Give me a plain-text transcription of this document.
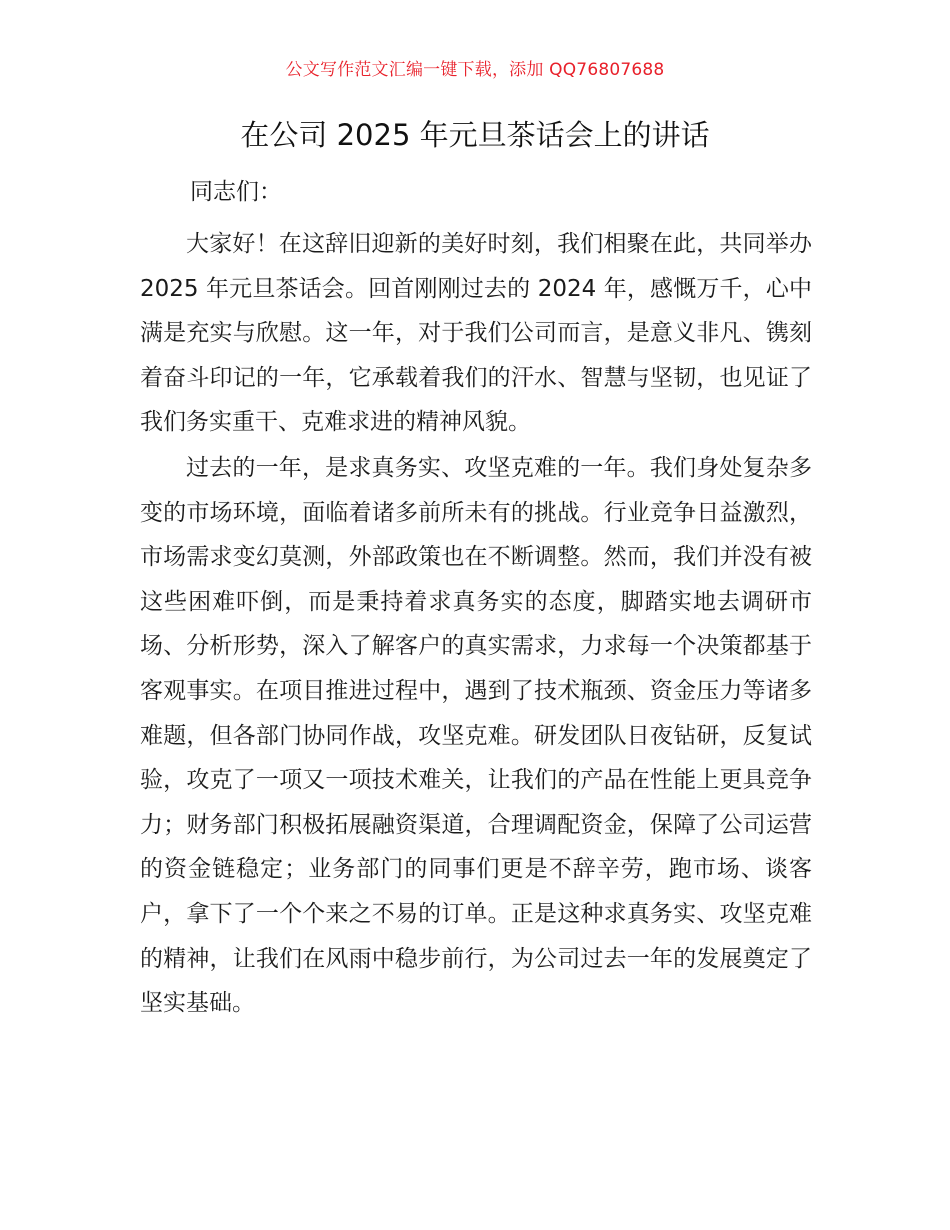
公文写作范文汇编一键下载，添加 QQ76807688
在公司 2025 年元旦茶话会上的讲话
同志们：

大家好！在这辞旧迎新的美好时刻，我们相聚在此，共同举办 2025 年元旦茶话会。回首刚刚过去的 2024 年，感慨万千，心中满是充实与欣慰。这一年，对于我们公司而言，是意义非凡、镌刻着奋斗印记的一年，它承载着我们的汗水、智慧与坚韧，也见证了我们务实重干、克难求进的精神风貌。

过去的一年，是求真务实、攻坚克难的一年。我们身处复杂多变的市场环境，面临着诸多前所未有的挑战。行业竞争日益激烈，市场需求变幻莫测，外部政策也在不断调整。然而，我们并没有被这些困难吓倒，而是秉持着求真务实的态度，脚踏实地去调研市场、分析形势，深入了解客户的真实需求，力求每一个决策都基于客观事实。在项目推进过程中，遇到了技术瓶颈、资金压力等诸多难题，但各部门协同作战，攻坚克难。研发团队日夜钻研，反复试验，攻克了一项又一项技术难关，让我们的产品在性能上更具竞争力；财务部门积极拓展融资渠道，合理调配资金，保障了公司运营的资金链稳定；业务部门的同事们更是不辞辛劳，跑市场、谈客户，拿下了一个个来之不易的订单。正是这种求真务实、攻坚克难的精神，让我们在风雨中稳步前行，为公司过去一年的发展奠定了坚实基础。
